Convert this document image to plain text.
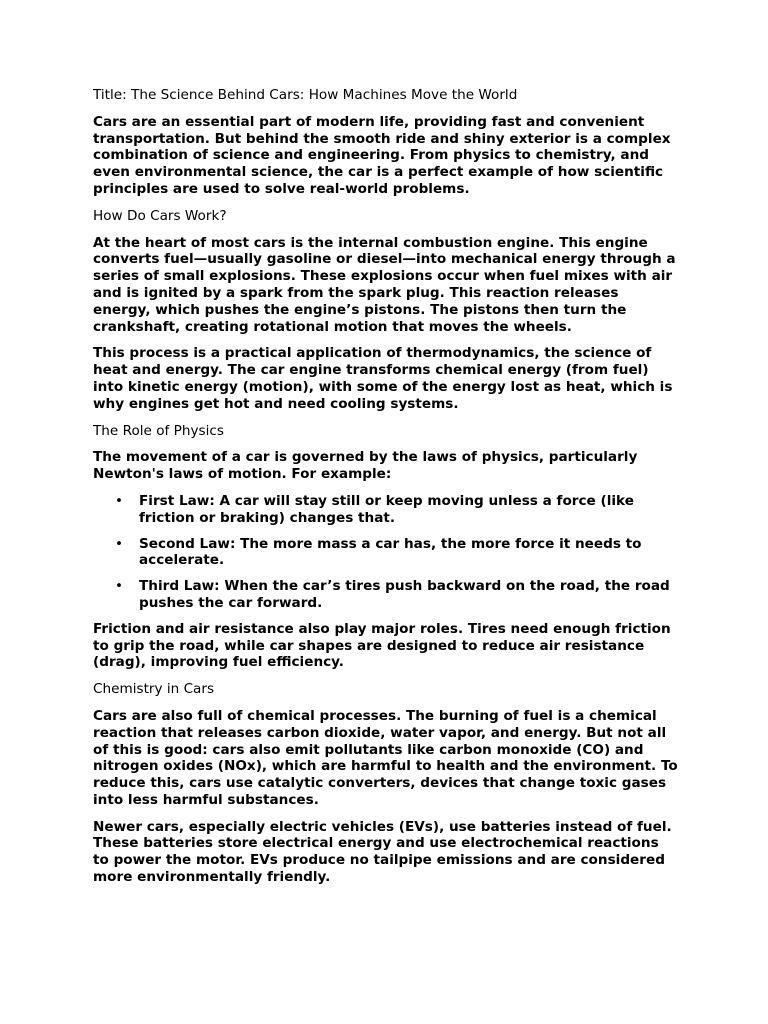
Title: The Science Behind Cars: How Machines Move the World

Cars are an essential part of modern life, providing fast and convenient transportation. But behind the smooth ride and shiny exterior is a complex combination of science and engineering. From physics to chemistry, and even environmental science, the car is a perfect example of how scientific principles are used to solve real-world problems.

How Do Cars Work?

At the heart of most cars is the internal combustion engine. This engine converts fuel—usually gasoline or diesel—into mechanical energy through a series of small explosions. These explosions occur when fuel mixes with air and is ignited by a spark from the spark plug. This reaction releases energy, which pushes the engine’s pistons. The pistons then turn the crankshaft, creating rotational motion that moves the wheels.

This process is a practical application of thermodynamics, the science of heat and energy. The car engine transforms chemical energy (from fuel) into kinetic energy (motion), with some of the energy lost as heat, which is why engines get hot and need cooling systems.

The Role of Physics

The movement of a car is governed by the laws of physics, particularly Newton's laws of motion. For example:

• First Law: A car will stay still or keep moving unless a force (like friction or braking) changes that.
• Second Law: The more mass a car has, the more force it needs to accelerate.
• Third Law: When the car’s tires push backward on the road, the road pushes the car forward.

Friction and air resistance also play major roles. Tires need enough friction to grip the road, while car shapes are designed to reduce air resistance (drag), improving fuel efficiency.

Chemistry in Cars

Cars are also full of chemical processes. The burning of fuel is a chemical reaction that releases carbon dioxide, water vapor, and energy. But not all of this is good: cars also emit pollutants like carbon monoxide (CO) and nitrogen oxides (NOx), which are harmful to health and the environment. To reduce this, cars use catalytic converters, devices that change toxic gases into less harmful substances.

Newer cars, especially electric vehicles (EVs), use batteries instead of fuel. These batteries store electrical energy and use electrochemical reactions to power the motor. EVs produce no tailpipe emissions and are considered more environmentally friendly.
